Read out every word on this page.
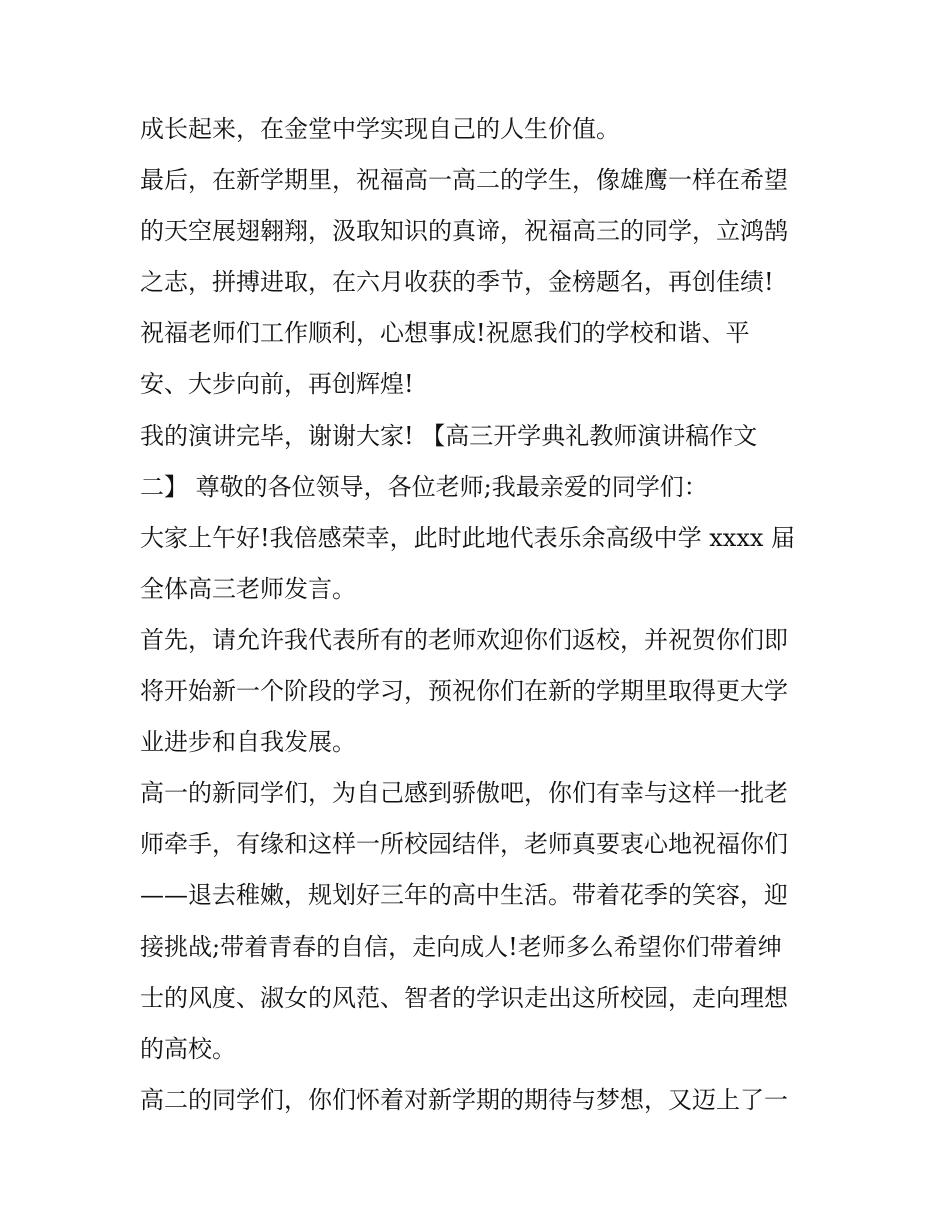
成长起来，在金堂中学实现自己的人生价值。
最后，在新学期里，祝福高一高二的学生，像雄鹰一样在希望
的天空展翅翱翔，汲取知识的真谛，祝福高三的同学，立鸿鹄
之志，拼搏进取，在六月收获的季节，金榜题名，再创佳绩!
祝福老师们工作顺利，心想事成!祝愿我们的学校和谐、平
安、大步向前，再创辉煌!
我的演讲完毕，谢谢大家! 【高三开学典礼教师演讲稿作文
二】 尊敬的各位领导，各位老师;我最亲爱的同学们：
大家上午好!我倍感荣幸，此时此地代表乐余高级中学 xxxx 届
全体高三老师发言。
首先，请允许我代表所有的老师欢迎你们返校，并祝贺你们即
将开始新一个阶段的学习，预祝你们在新的学期里取得更大学
业进步和自我发展。
高一的新同学们，为自己感到骄傲吧，你们有幸与这样一批老
师牵手，有缘和这样一所校园结伴，老师真要衷心地祝福你们
——退去稚嫩，规划好三年的高中生活。带着花季的笑容，迎
接挑战;带着青春的自信，走向成人!老师多么希望你们带着绅
士的风度、淑女的风范、智者的学识走出这所校园，走向理想
的高校。
高二的同学们，你们怀着对新学期的期待与梦想，又迈上了一
